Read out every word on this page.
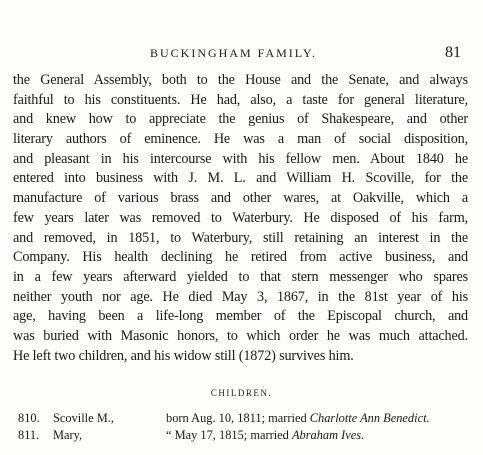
BUCKINGHAM FAMILY.	81
the General Assembly, both to the House and the Senate, and always
faithful to his constituents. He had, also, a taste for general literature,
and knew how to appreciate the genius of Shakespeare, and other
literary authors of eminence. He was a man of social disposition,
and pleasant in his intercourse with his fellow men. About 1840 he
entered into business with J. M. L. and William H. Scoville, for the
manufacture of various brass and other wares, at Oakville, which a
few years later was removed to Waterbury. He disposed of his farm,
and removed, in 1851, to Waterbury, still retaining an interest in the
Company. His health declining he retired from active business, and
in a few years afterward yielded to that stern messenger who spares
neither youth nor age. He died May 3, 1867, in the 81st year of his
age, having been a life-long member of the Episcopal church, and
was buried with Masonic honors, to which order he was much attached.
He left two children, and his widow still (1872) survives him.
CHILDREN.
810. Scoville M.,	born Aug. 10, 1811; married Charlotte Ann Benedict.
811. Mary,	“ May 17, 1815; married Abraham Ives.
